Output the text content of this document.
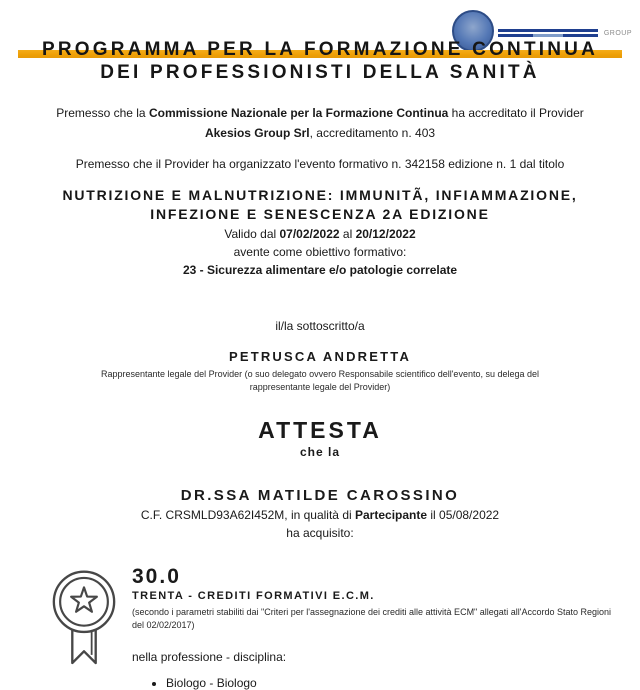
GROUP
PROGRAMMA PER LA FORMAZIONE CONTINUA
DEI PROFESSIONISTI DELLA SANITÀ

Premesso che la Commissione Nazionale per la Formazione Continua ha accreditato il Provider Akesios Group Srl, accreditamento n. 403

Premesso che il Provider ha organizzato l'evento formativo n. 342158 edizione n. 1 dal titolo

NUTRIZIONE E MALNUTRIZIONE: IMMUNITÃ, INFIAMMAZIONE, INFEZIONE E SENESCENZA 2A EDIZIONE

Valido dal 07/02/2022 al 20/12/2022

avente come obiettivo formativo:

23 - Sicurezza alimentare e/o patologie correlate

il/la sottoscritto/a

PETRUSCA ANDRETTA

Rappresentante legale del Provider (o suo delegato ovvero Responsabile scientifico dell'evento, su delega del rappresentante legale del Provider)

ATTESTA

che la

DR.SSA MATILDE CAROSSINO

C.F. CRSMLD93A62I452M, in qualità di Partecipante il 05/08/2022

ha acquisito:

30.0
TRENTA - CREDITI FORMATIVI E.C.M.
(secondo i parametri stabiliti dai "Criteri per l'assegnazione dei crediti alle attività ECM" allegati all'Accordo Stato Regioni del 02/02/2017)
nella professione - disciplina:
• Biologo - Biologo
